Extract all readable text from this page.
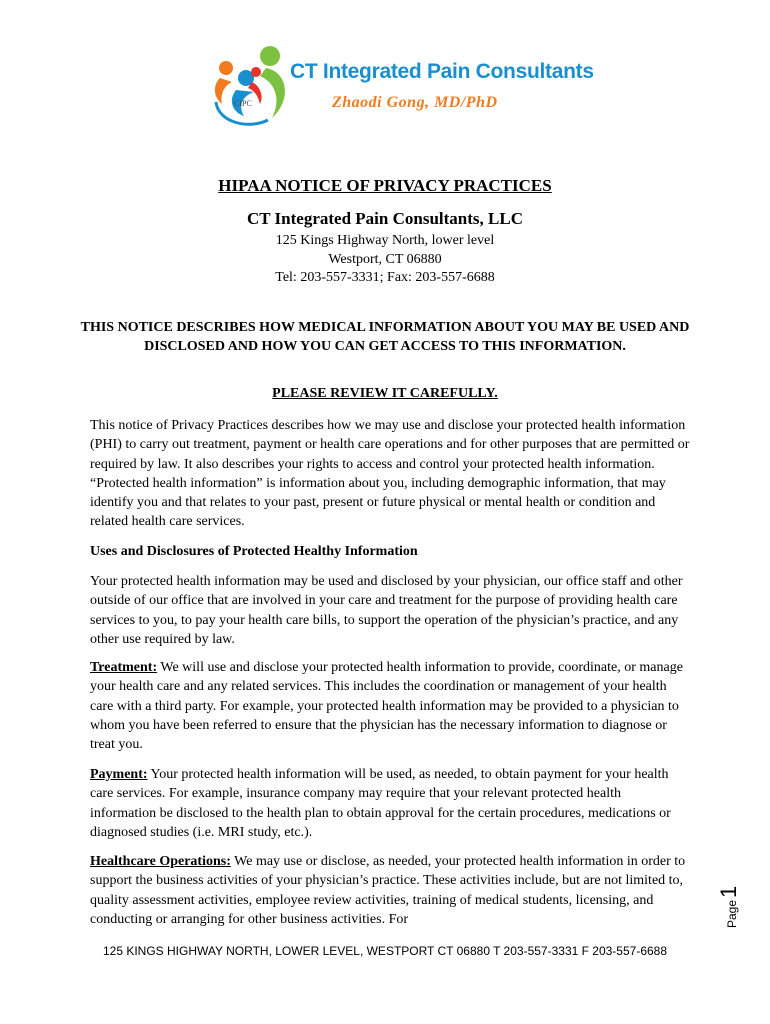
CIPC
CT Integrated Pain Consultants
Zhaodi Gong, MD/PhD
HIPAA NOTICE OF PRIVACY PRACTICES
CT Integrated Pain Consultants, LLC
125 Kings Highway North, lower level
Westport, CT 06880
Tel: 203-557-3331; Fax: 203-557-6688
THIS NOTICE DESCRIBES HOW MEDICAL INFORMATION ABOUT YOU MAY BE USED AND DISCLOSED AND HOW YOU CAN GET ACCESS TO THIS INFORMATION.
PLEASE REVIEW IT CAREFULLY.
This notice of Privacy Practices describes how we may use and disclose your protected health information (PHI) to carry out treatment, payment or health care operations and for other purposes that are permitted or required by law. It also describes your rights to access and control your protected health information. “Protected health information” is information about you, including demographic information, that may identify you and that relates to your past, present or future physical or mental health or condition and related health care services.
Uses and Disclosures of Protected Healthy Information
Your protected health information may be used and disclosed by your physician, our office staff and other outside of our office that are involved in your care and treatment for the purpose of providing health care services to you, to pay your health care bills, to support the operation of the physician’s practice, and any other use required by law.
Treatment: We will use and disclose your protected health information to provide, coordinate, or manage your health care and any related services. This includes the coordination or management of your health care with a third party. For example, your protected health information may be provided to a physician to whom you have been referred to ensure that the physician has the necessary information to diagnose or treat you.
Payment: Your protected health information will be used, as needed, to obtain payment for your health care services. For example, insurance company may require that your relevant protected health information be disclosed to the health plan to obtain approval for the certain procedures, medications or diagnosed studies (i.e. MRI study, etc.).
Healthcare Operations: We may use or disclose, as needed, your protected health information in order to support the business activities of your physician’s practice. These activities include, but are not limited to, quality assessment activities, employee review activities, training of medical students, licensing, and conducting or arranging for other business activities. For
125 KINGS HIGHWAY NORTH, LOWER LEVEL, WESTPORT CT 06880 T 203-557-3331 F 203-557-6688
Page1
